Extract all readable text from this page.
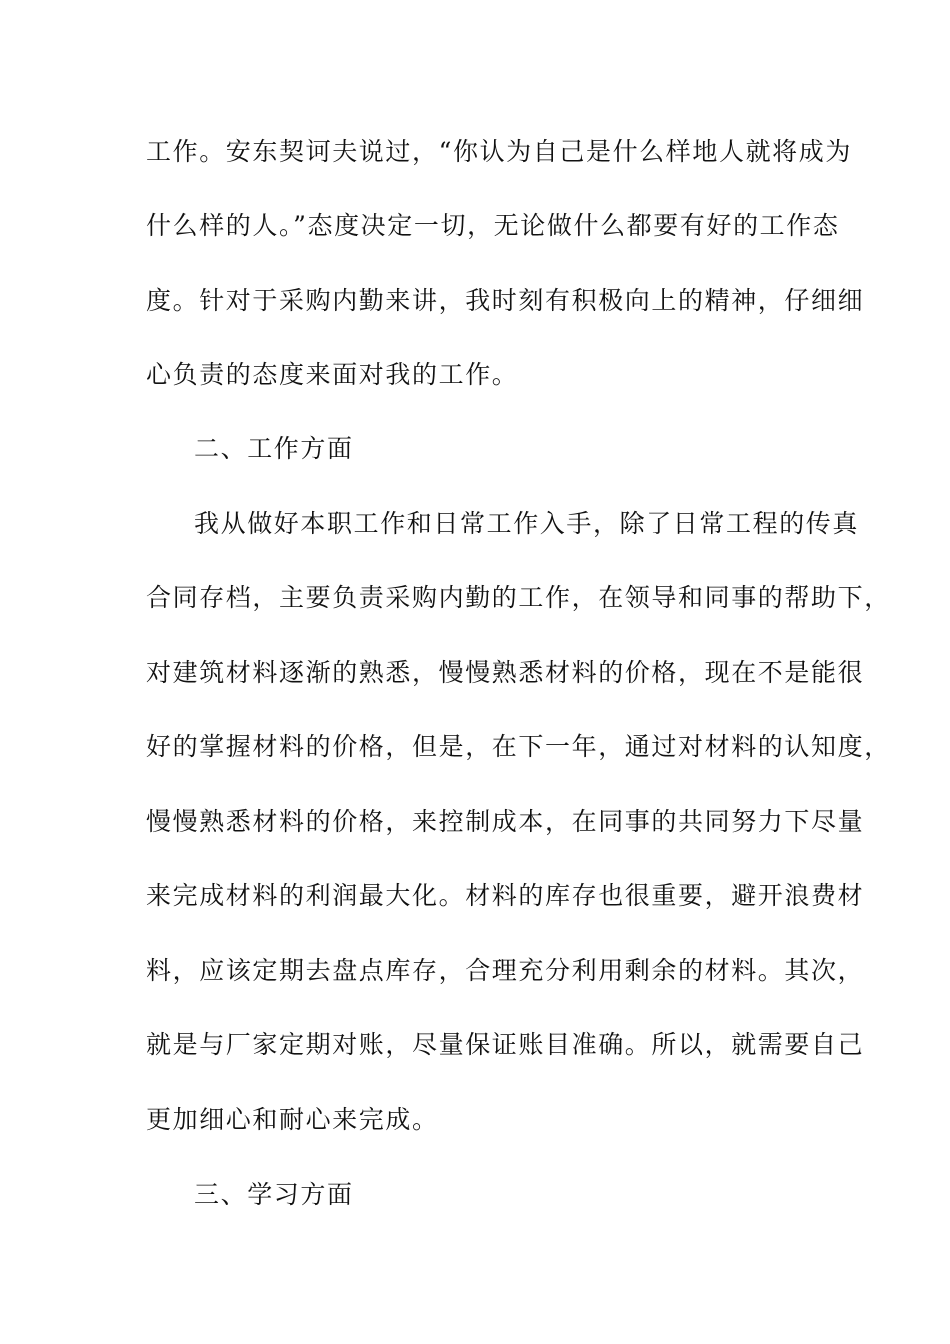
工作。安东契诃夫说过，“你认为自己是什么样地人就将成为
什么样的人。”态度决定一切，无论做什么都要有好的工作态
度。针对于采购内勤来讲，我时刻有积极向上的精神，仔细细
心负责的态度来面对我的工作。
二、工作方面
我从做好本职工作和日常工作入手，除了日常工程的传真
合同存档，主要负责采购内勤的工作，在领导和同事的帮助下，
对建筑材料逐渐的熟悉，慢慢熟悉材料的价格，现在不是能很
好的掌握材料的价格，但是，在下一年，通过对材料的认知度，
慢慢熟悉材料的价格，来控制成本，在同事的共同努力下尽量
来完成材料的利润最大化。材料的库存也很重要，避开浪费材
料，应该定期去盘点库存，合理充分利用剩余的材料。其次，
就是与厂家定期对账，尽量保证账目准确。所以，就需要自己
更加细心和耐心来完成。
三、学习方面
